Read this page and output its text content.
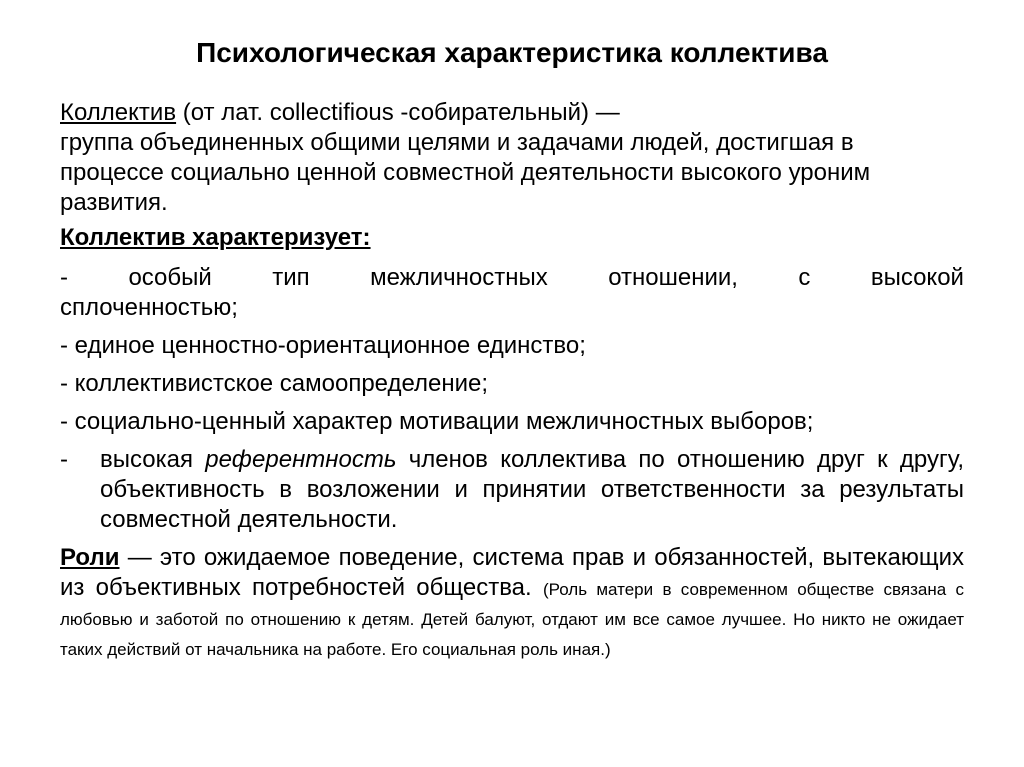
Психологическая характеристика коллектива

Коллектив (от лат. collectifious -собирательный) —
группа объединенных общими целями и задачами людей, достигшая в процессе социально ценной совместной деятельности высокого уроним развития.

Коллектив характеризует:

-	особый	тип	межличностных	отношении,	с	высокой
сплоченностью;

- единое ценностно-ориентационное единство;

- коллективистское самоопределение;

- социально-ценный характер мотивации межличностных выборов;

-	высокая референтность членов коллектива по отношению друг к другу, объективность в возложении и принятии ответственности за результаты совместной деятельности.

Роли — это ожидаемое поведение, система прав и обязанностей, вытекающих из объективных потребностей общества. (Роль матери в современном обществе связана с любовью и заботой по отношению к детям. Детей балуют, отдают им все самое лучшее. Но никто не ожидает таких действий от начальника на работе. Его социальная роль иная.)
